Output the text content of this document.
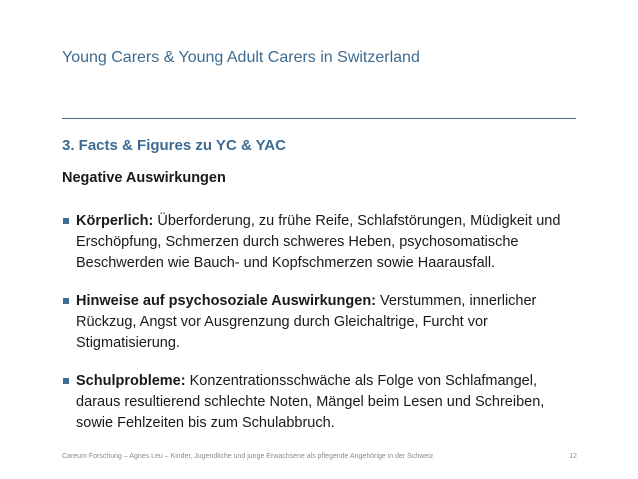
Young Carers & Young Adult Carers in Switzerland
3. Facts & Figures zu YC & YAC
Negative Auswirkungen
Körperlich: Überforderung, zu frühe Reife, Schlafstörungen, Müdigkeit und Erschöpfung, Schmerzen durch schweres Heben, psychosomatische Beschwerden wie Bauch- und Kopfschmerzen sowie Haarausfall.
Hinweise auf psychosoziale Auswirkungen: Verstummen, innerlicher Rückzug, Angst vor Ausgrenzung durch Gleichaltrige, Furcht vor Stigmatisierung.
Schulprobleme: Konzentrationsschwäche als Folge von Schlafmangel, daraus resultierend schlechte Noten, Mängel beim Lesen und Schreiben, sowie Fehlzeiten bis zum Schulabbruch.
Careum Forschung – Agnes Leu – Kinder, Jugendliche und junge Erwachsene als pflegende Angehörige in der Schweiz	12
